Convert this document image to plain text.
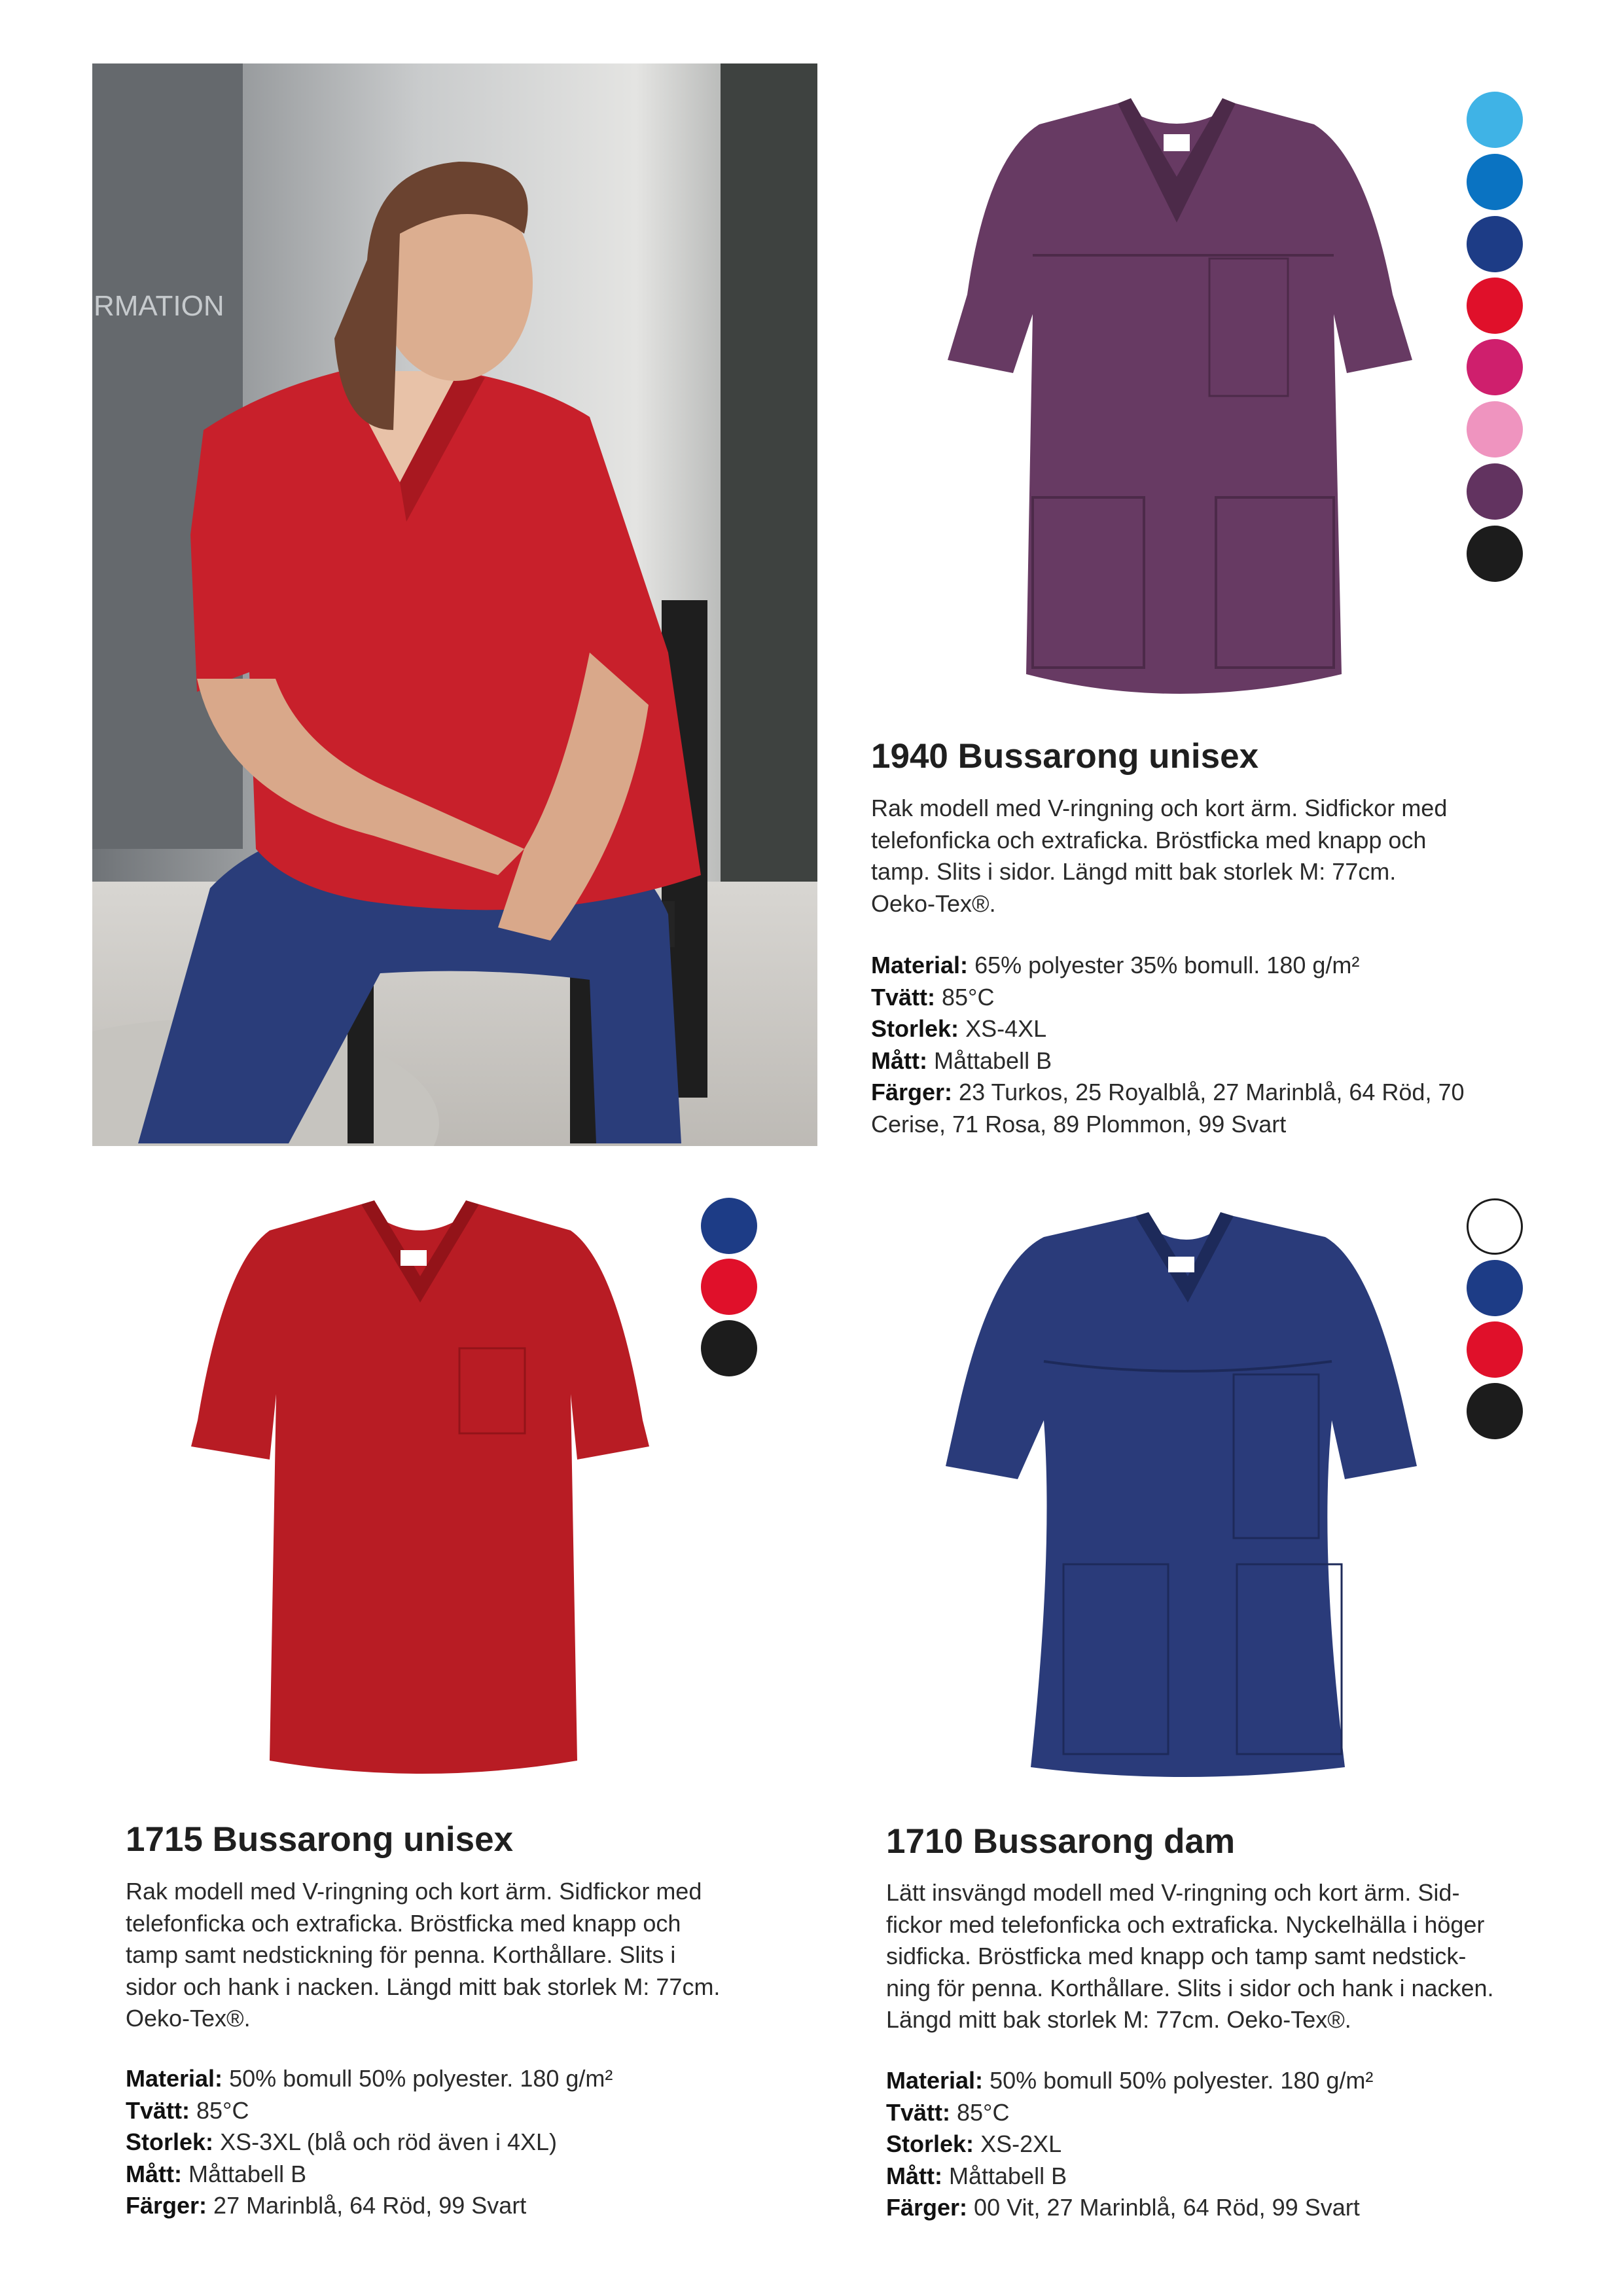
RMATION
1940 Bussarong unisex

Rak modell med V-ringning och kort ärm. Sidfickor med

telefonficka och extraficka. Bröstficka med knapp och

tamp. Slits i sidor. Längd mitt bak storlek M: 77cm.

Oeko-Tex®.

Material: 65% polyester 35% bomull. 180 g/m²
Tvätt: 85°C
Storlek: XS-4XL
Mått: Måttabell B
Färger: 23 Turkos, 25 Royalblå, 27 Marinblå, 64 Röd, 70
Cerise, 71 Rosa, 89 Plommon, 99 Svart
1715 Bussarong unisex

Rak modell med V-ringning och kort ärm. Sidfickor med

telefonficka och extraficka. Bröstficka med knapp och

tamp samt nedstickning för penna. Korthållare. Slits i

sidor och hank i nacken. Längd mitt bak storlek M: 77cm.

Oeko-Tex®.

Material: 50% bomull 50% polyester. 180 g/m²
Tvätt: 85°C
Storlek: XS-3XL (blå och röd även i 4XL)
Mått: Måttabell B
Färger: 27 Marinblå, 64 Röd, 99 Svart
1710 Bussarong dam

Lätt insvängd modell med V-ringning och kort ärm. Sid-

fickor med telefonficka och extraficka. Nyckelhälla i höger

sidficka. Bröstficka med knapp och tamp samt nedstick-

ning för penna. Korthållare. Slits i sidor och hank i nacken.

Längd mitt bak storlek M: 77cm. Oeko-Tex®.

Material: 50% bomull 50% polyester. 180 g/m²
Tvätt: 85°C
Storlek: XS-2XL
Mått: Måttabell B
Färger: 00 Vit, 27 Marinblå, 64 Röd, 99 Svart
